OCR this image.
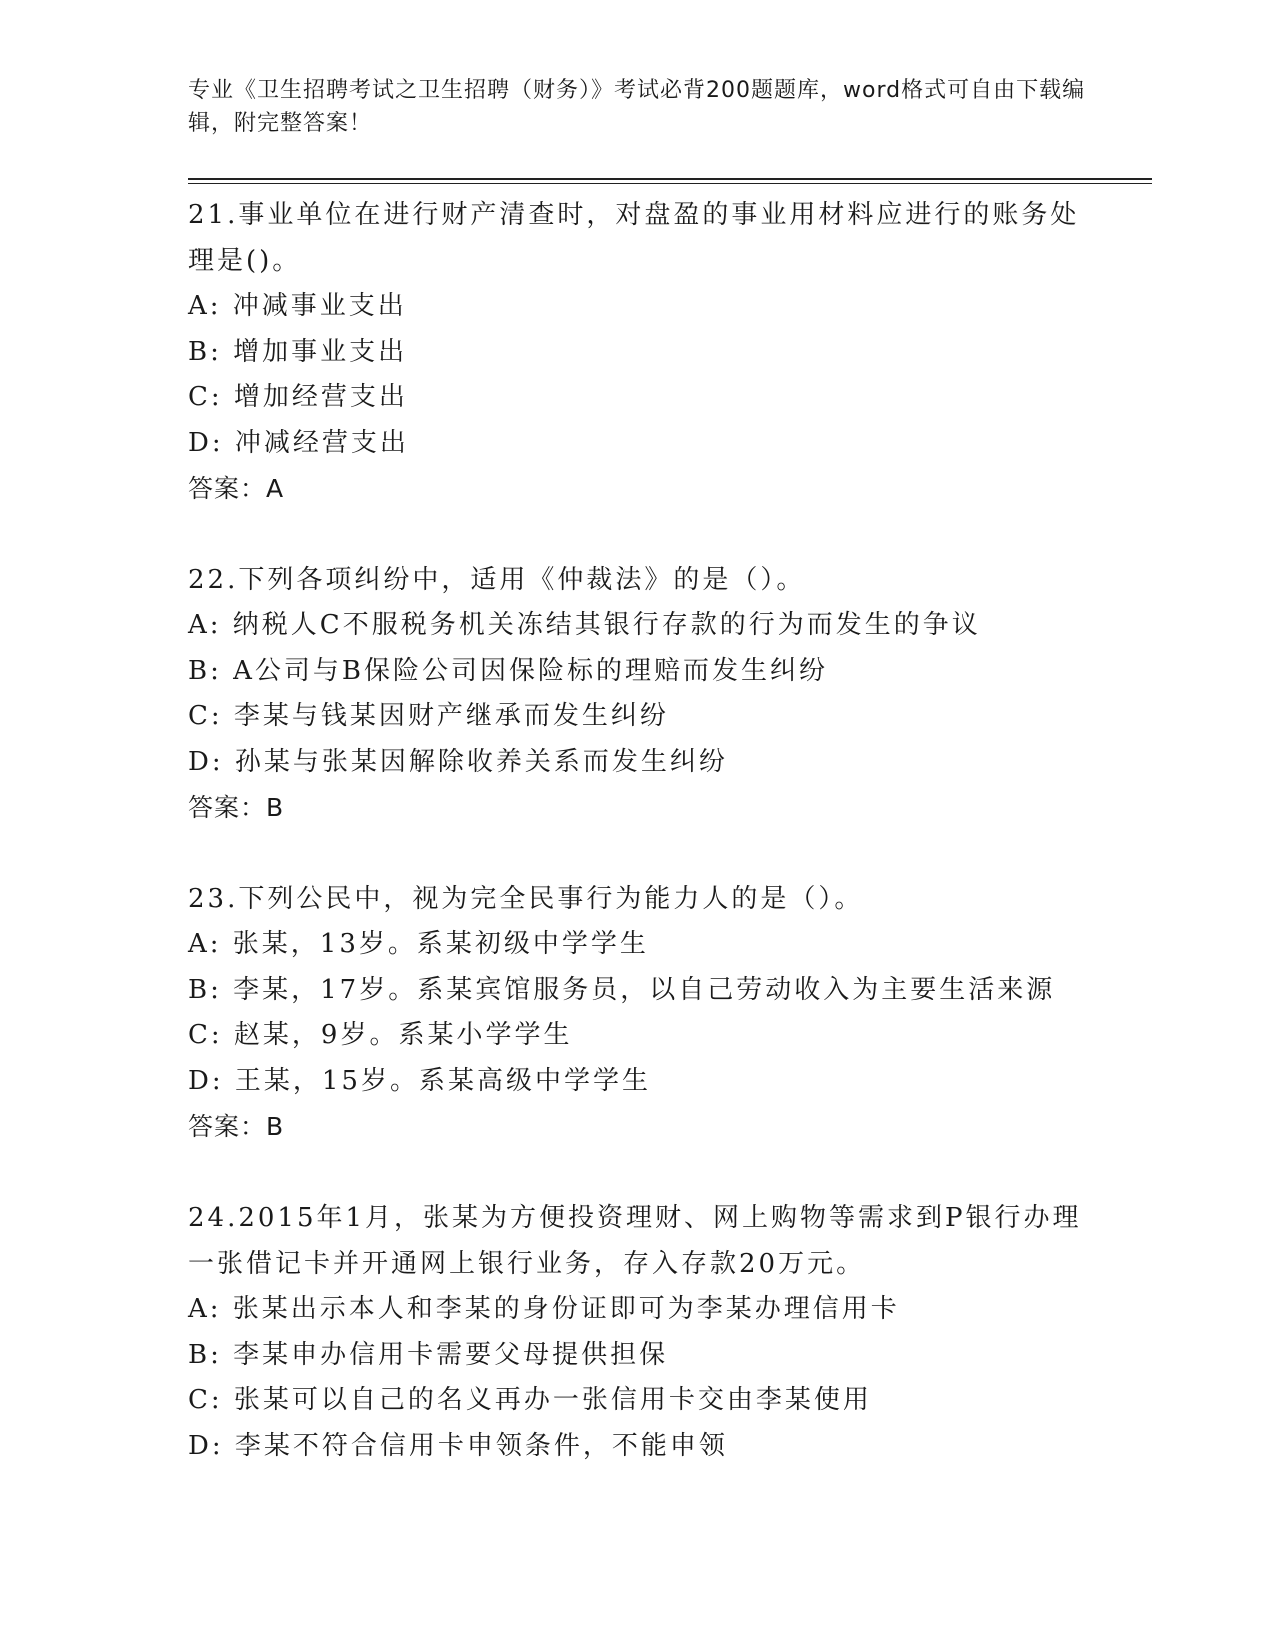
专业《卫生招聘考试之卫生招聘（财务）》考试必背200题题库，word格式可自由下载编辑，附完整答案！
21.事业单位在进行财产清查时，对盘盈的事业用材料应进行的账务处理是()。
A: 冲减事业支出
B: 增加事业支出
C: 增加经营支出
D: 冲减经营支出
答案：A
22.下列各项纠纷中，适用《仲裁法》的是（）。
A: 纳税人C不服税务机关冻结其银行存款的行为而发生的争议
B: A公司与B保险公司因保险标的理赔而发生纠纷
C: 李某与钱某因财产继承而发生纠纷
D: 孙某与张某因解除收养关系而发生纠纷
答案：B
23.下列公民中，视为完全民事行为能力人的是（）。
A: 张某，13岁。系某初级中学学生
B: 李某，17岁。系某宾馆服务员，以自己劳动收入为主要生活来源
C: 赵某，9岁。系某小学学生
D: 王某，15岁。系某高级中学学生
答案：B
24.2015年1月，张某为方便投资理财、网上购物等需求到P银行办理一张借记卡并开通网上银行业务，存入存款20万元。
A: 张某出示本人和李某的身份证即可为李某办理信用卡
B: 李某申办信用卡需要父母提供担保
C: 张某可以自己的名义再办一张信用卡交由李某使用
D: 李某不符合信用卡申领条件，不能申领
